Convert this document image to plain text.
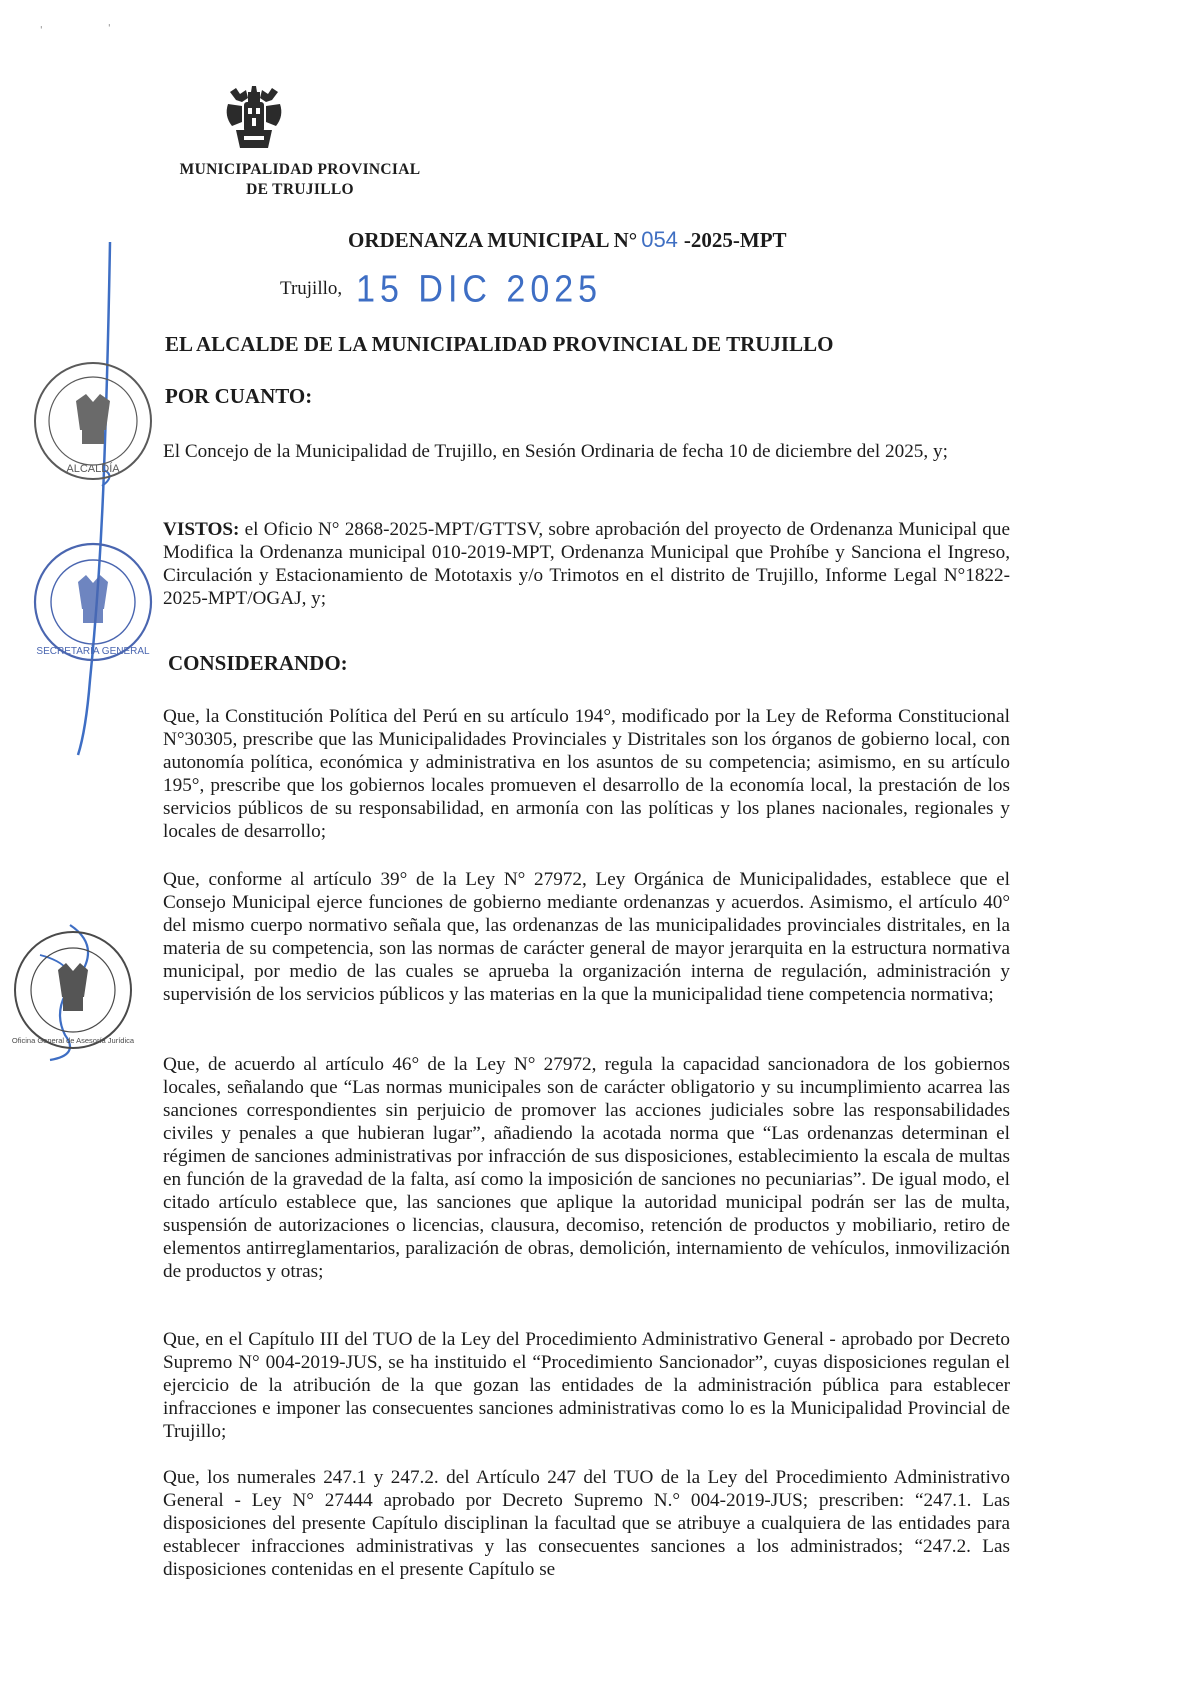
'	'
MUNICIPALIDAD PROVINCIAL
DE TRUJILLO
ORDENANZA MUNICIPAL N° 054 -2025-MPT
Trujillo, 15 DIC 2025
EL ALCALDE DE LA MUNICIPALIDAD PROVINCIAL DE TRUJILLO
POR CUANTO:

El Concejo de la Municipalidad de Trujillo, en Sesión Ordinaria de fecha 10 de diciembre del 2025, y;

VISTOS: el Oficio N° 2868-2025-MPT/GTTSV, sobre aprobación del proyecto de Ordenanza Municipal que Modifica la Ordenanza municipal 010-2019-MPT, Ordenanza Municipal que Prohíbe y Sanciona el Ingreso, Circulación y Estacionamiento de Mototaxis y/o Trimotos en el distrito de Trujillo, Informe Legal N°1822-2025-MPT/OGAJ, y;

CONSIDERANDO:

Que, la Constitución Política del Perú en su artículo 194°, modificado por la Ley de Reforma Constitucional N°30305, prescribe que las Municipalidades Provinciales y Distritales son los órganos de gobierno local, con autonomía política, económica y administrativa en los asuntos de su competencia; asimismo, en su artículo 195°, prescribe que los gobiernos locales promueven el desarrollo de la economía local, la prestación de los servicios públicos de su responsabilidad, en armonía con las políticas y los planes nacionales, regionales y locales de desarrollo;

Que, conforme al artículo 39° de la Ley N° 27972, Ley Orgánica de Municipalidades, establece que el Consejo Municipal ejerce funciones de gobierno mediante ordenanzas y acuerdos. Asimismo, el artículo 40° del mismo cuerpo normativo señala que, las ordenanzas de las municipalidades provinciales distritales, en la materia de su competencia, son las normas de carácter general de mayor jerarquita en la estructura normativa municipal, por medio de las cuales se aprueba la organización interna de regulación, administración y supervisión de los servicios públicos y las materias en la que la municipalidad tiene competencia normativa;

Que, de acuerdo al artículo 46° de la Ley N° 27972, regula la capacidad sancionadora de los gobiernos locales, señalando que “Las normas municipales son de carácter obligatorio y su incumplimiento acarrea las sanciones correspondientes sin perjuicio de promover las acciones judiciales sobre las responsabilidades civiles y penales a que hubieran lugar”, añadiendo la acotada norma que “Las ordenanzas determinan el régimen de sanciones administrativas por infracción de sus disposiciones, establecimiento la escala de multas en función de la gravedad de la falta, así como la imposición de sanciones no pecuniarias”. De igual modo, el citado artículo establece que, las sanciones que aplique la autoridad municipal podrán ser las de multa, suspensión de autorizaciones o licencias, clausura, decomiso, retención de productos y mobiliario, retiro de elementos antirreglamentarios, paralización de obras, demolición, internamiento de vehículos, inmovilización de productos y otras;

Que, en el Capítulo III del TUO de la Ley del Procedimiento Administrativo General - aprobado por Decreto Supremo N° 004-2019-JUS, se ha instituido el “Procedimiento Sancionador”, cuyas disposiciones regulan el ejercicio de la atribución de la que gozan las entidades de la administración pública para establecer infracciones e imponer las consecuentes sanciones administrativas como lo es la Municipalidad Provincial de Trujillo;

Que, los numerales 247.1 y 247.2. del Artículo 247 del TUO de la Ley del Procedimiento Administrativo General - Ley N° 27444 aprobado por Decreto Supremo N.° 004-2019-JUS; prescriben: “247.1. Las disposiciones del presente Capítulo disciplinan la facultad que se atribuye a cualquiera de las entidades para establecer infracciones administrativas y las consecuentes sanciones a los administrados; “247.2. Las disposiciones contenidas en el presente Capítulo se

ALCALDÍA
SECRETARÍA GENERAL
Oficina General de Asesoría Jurídica
